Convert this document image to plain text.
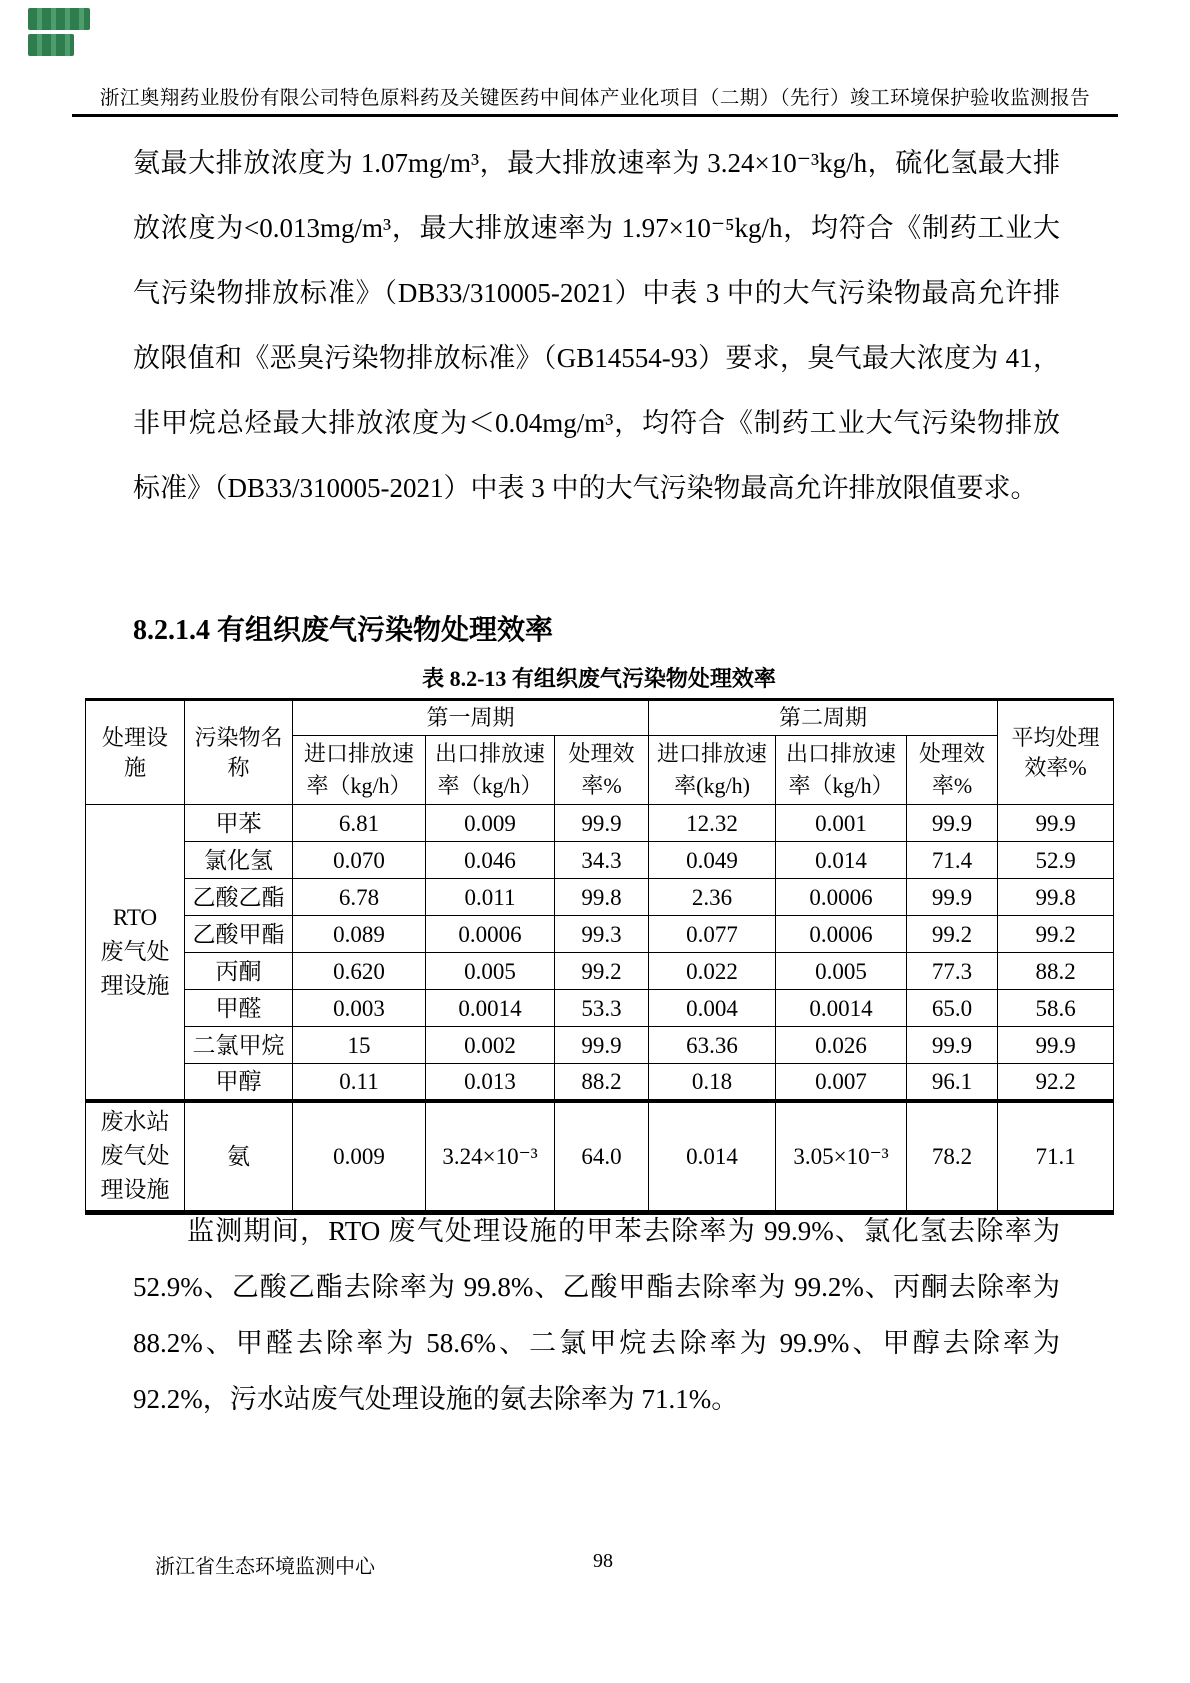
浙江奥翔药业股份有限公司特色原料药及关键医药中间体产业化项目（二期）（先行）竣工环境保护验收监测报告
氨最大排放浓度为 1.07mg/m³，最大排放速率为 3.24×10⁻³kg/h，硫化氢最大排放浓度为<0.013mg/m³，最大排放速率为 1.97×10⁻⁵kg/h，均符合《制药工业大气污染物排放标准》（DB33/310005-2021）中表 3 中的大气污染物最高允许排放限值和《恶臭污染物排放标准》（GB14554-93）要求，臭气最大浓度为 41，非甲烷总烃最大排放浓度为＜0.04mg/m³，均符合《制药工业大气污染物排放标准》（DB33/310005-2021）中表 3 中的大气污染物最高允许排放限值要求。
8.2.1.4 有组织废气污染物处理效率
表 8.2-13 有组织废气污染物处理效率
处理设施	污染物名称	第一周期			第二周期			平均处理效率%
		进口排放速率（kg/h）	出口排放速率（kg/h）	处理效率%	进口排放速率(kg/h)	出口排放速率（kg/h）	处理效率%	
RTO 废气处理设施	甲苯	6.81	0.009	99.9	12.32	0.001	99.9	99.9
	氯化氢	0.070	0.046	34.3	0.049	0.014	71.4	52.9
	乙酸乙酯	6.78	0.011	99.8	2.36	0.0006	99.9	99.8
	乙酸甲酯	0.089	0.0006	99.3	0.077	0.0006	99.2	99.2
	丙酮	0.620	0.005	99.2	0.022	0.005	77.3	88.2
	甲醛	0.003	0.0014	53.3	0.004	0.0014	65.0	58.6
	二氯甲烷	15	0.002	99.9	63.36	0.026	99.9	99.9
	甲醇	0.11	0.013	88.2	0.18	0.007	96.1	92.2
废水站废气处理设施	氨	0.009	3.24×10⁻³	64.0	0.014	3.05×10⁻³	78.2	71.1
监测期间，RTO 废气处理设施的甲苯去除率为 99.9%、氯化氢去除率为 52.9%、乙酸乙酯去除率为 99.8%、乙酸甲酯去除率为 99.2%、丙酮去除率为 88.2%、甲醛去除率为 58.6%、二氯甲烷去除率为 99.9%、甲醇去除率为 92.2%，污水站废气处理设施的氨去除率为 71.1%。
浙江省生态环境监测中心	98
